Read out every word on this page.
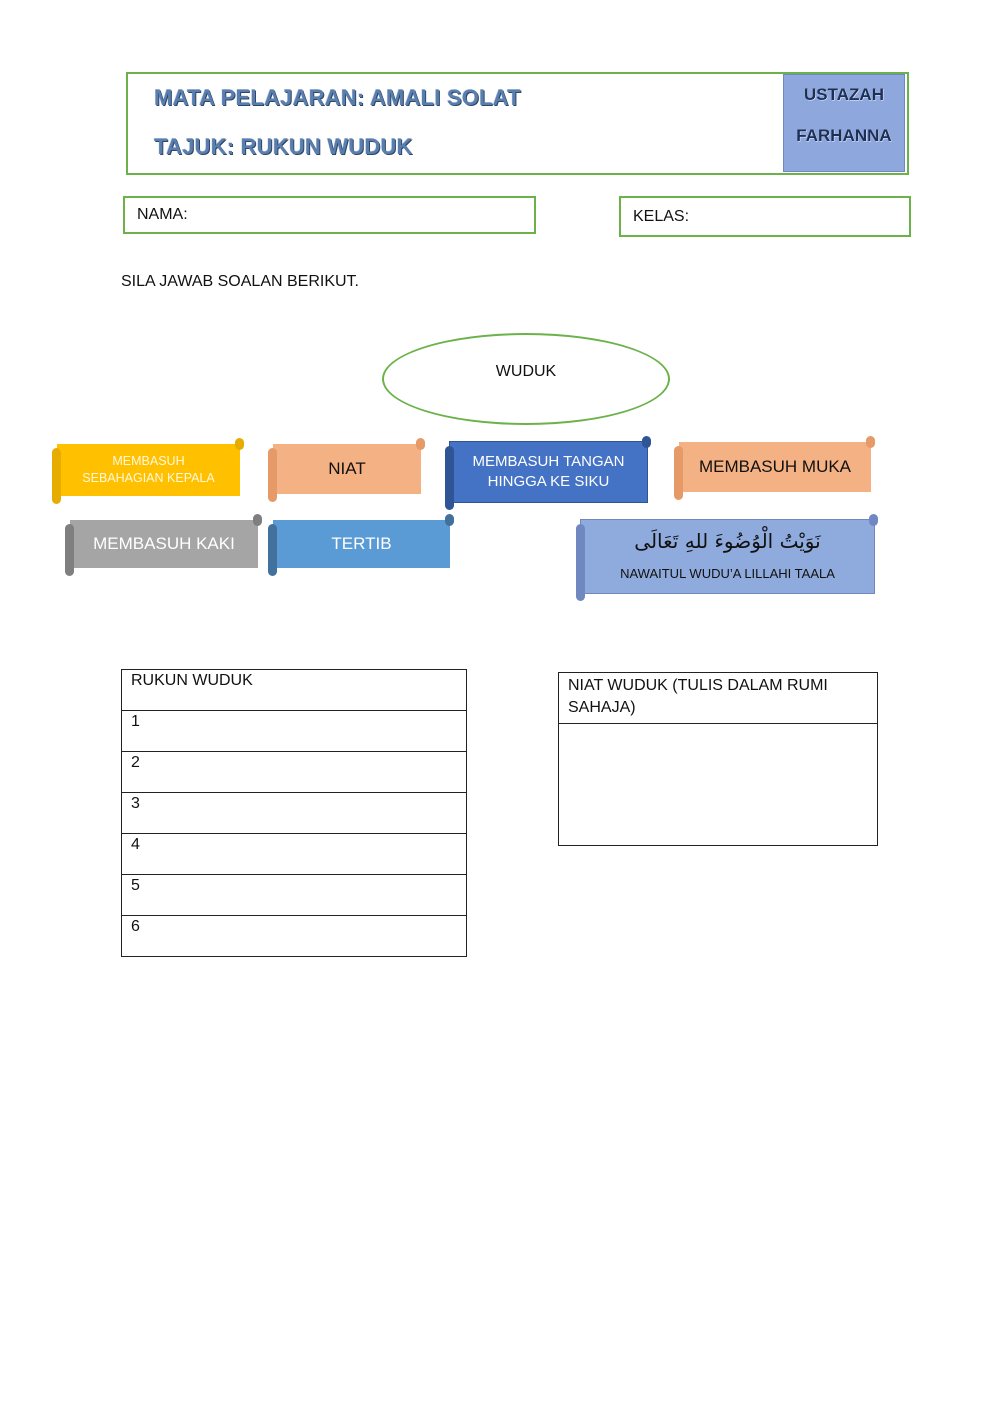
MATA PELAJARAN: AMALI SOLAT
TAJUK: RUKUN WUDUK
USTAZAH
FARHANNA
NAMA:	KELAS:
SILA JAWAB SOALAN BERIKUT.
WUDUK
MEMBASUH SEBAHAGIAN KEPALA
NIAT	MEMBASUH TANGAN HINGGA KE SIKU
MEMBASUH MUKA
MEMBASUH KAKI	TERTIB	نَوَيْتُ الْوُضُوءَ للهِ تَعَالَى
NAWAITUL WUDU’A LILLAHI TAALA
RUKUN WUDUK
1
2
3
4
5
6
NIAT WUDUK (TULIS DALAM RUMI SAHAJA)
